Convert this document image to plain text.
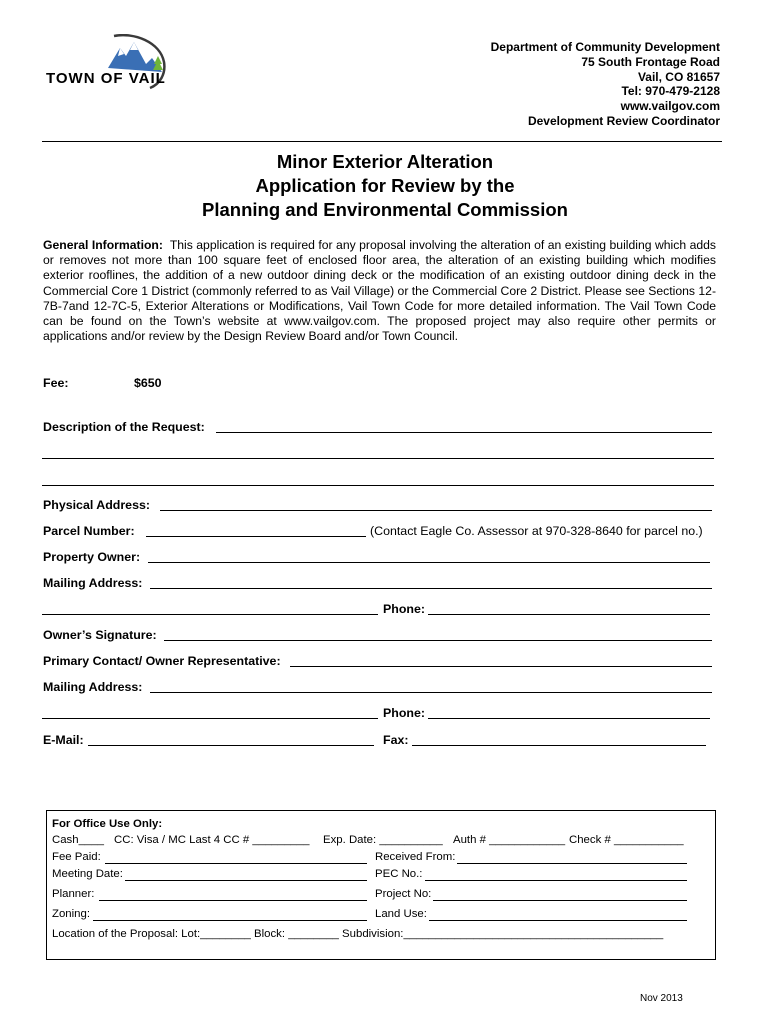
TOWN OF VAIL
Department of Community Development
75 South Frontage Road
Vail, CO 81657
Tel: 970-479-2128
www.vailgov.com
Development Review Coordinator
Minor Exterior Alteration
Application for Review by the
Planning and Environmental Commission
General Information: This application is required for any proposal involving the alteration of an existing building which adds or removes not more than 100 square feet of enclosed floor area, the alteration of an existing building which modifies exterior rooflines, the addition of a new outdoor dining deck or the modification of an existing outdoor dining deck in the Commercial Core 1 District (commonly referred to as Vail Village) or the Commercial Core 2 District. Please see Sections 12-7B-7and 12-7C-5, Exterior Alterations or Modifications, Vail Town Code for more detailed information. The Vail Town Code can be found on the Town’s website at www.vailgov.com. The proposed project may also require other permits or applications and/or review by the Design Review Board and/or Town Council.
Fee:	$650
Description of the Request:
Physical Address:
Parcel Number:	(Contact Eagle Co. Assessor at 970-328-8640 for parcel no.)
Property Owner:
Mailing Address:
Phone:
Owner’s Signature:
Primary Contact/ Owner Representative:
Mailing Address:
Phone:
E-Mail:	Fax:
For Office Use Only:
Cash____ CC: Visa / MC Last 4 CC # _________ Exp. Date: __________ Auth # ____________ Check # ___________
Fee Paid:	Received From:
Meeting Date:	PEC No.:
Planner:	Project No:
Zoning:	Land Use:
Location of the Proposal: Lot:________ Block: ________ Subdivision:_________________________________________
Nov 2013
